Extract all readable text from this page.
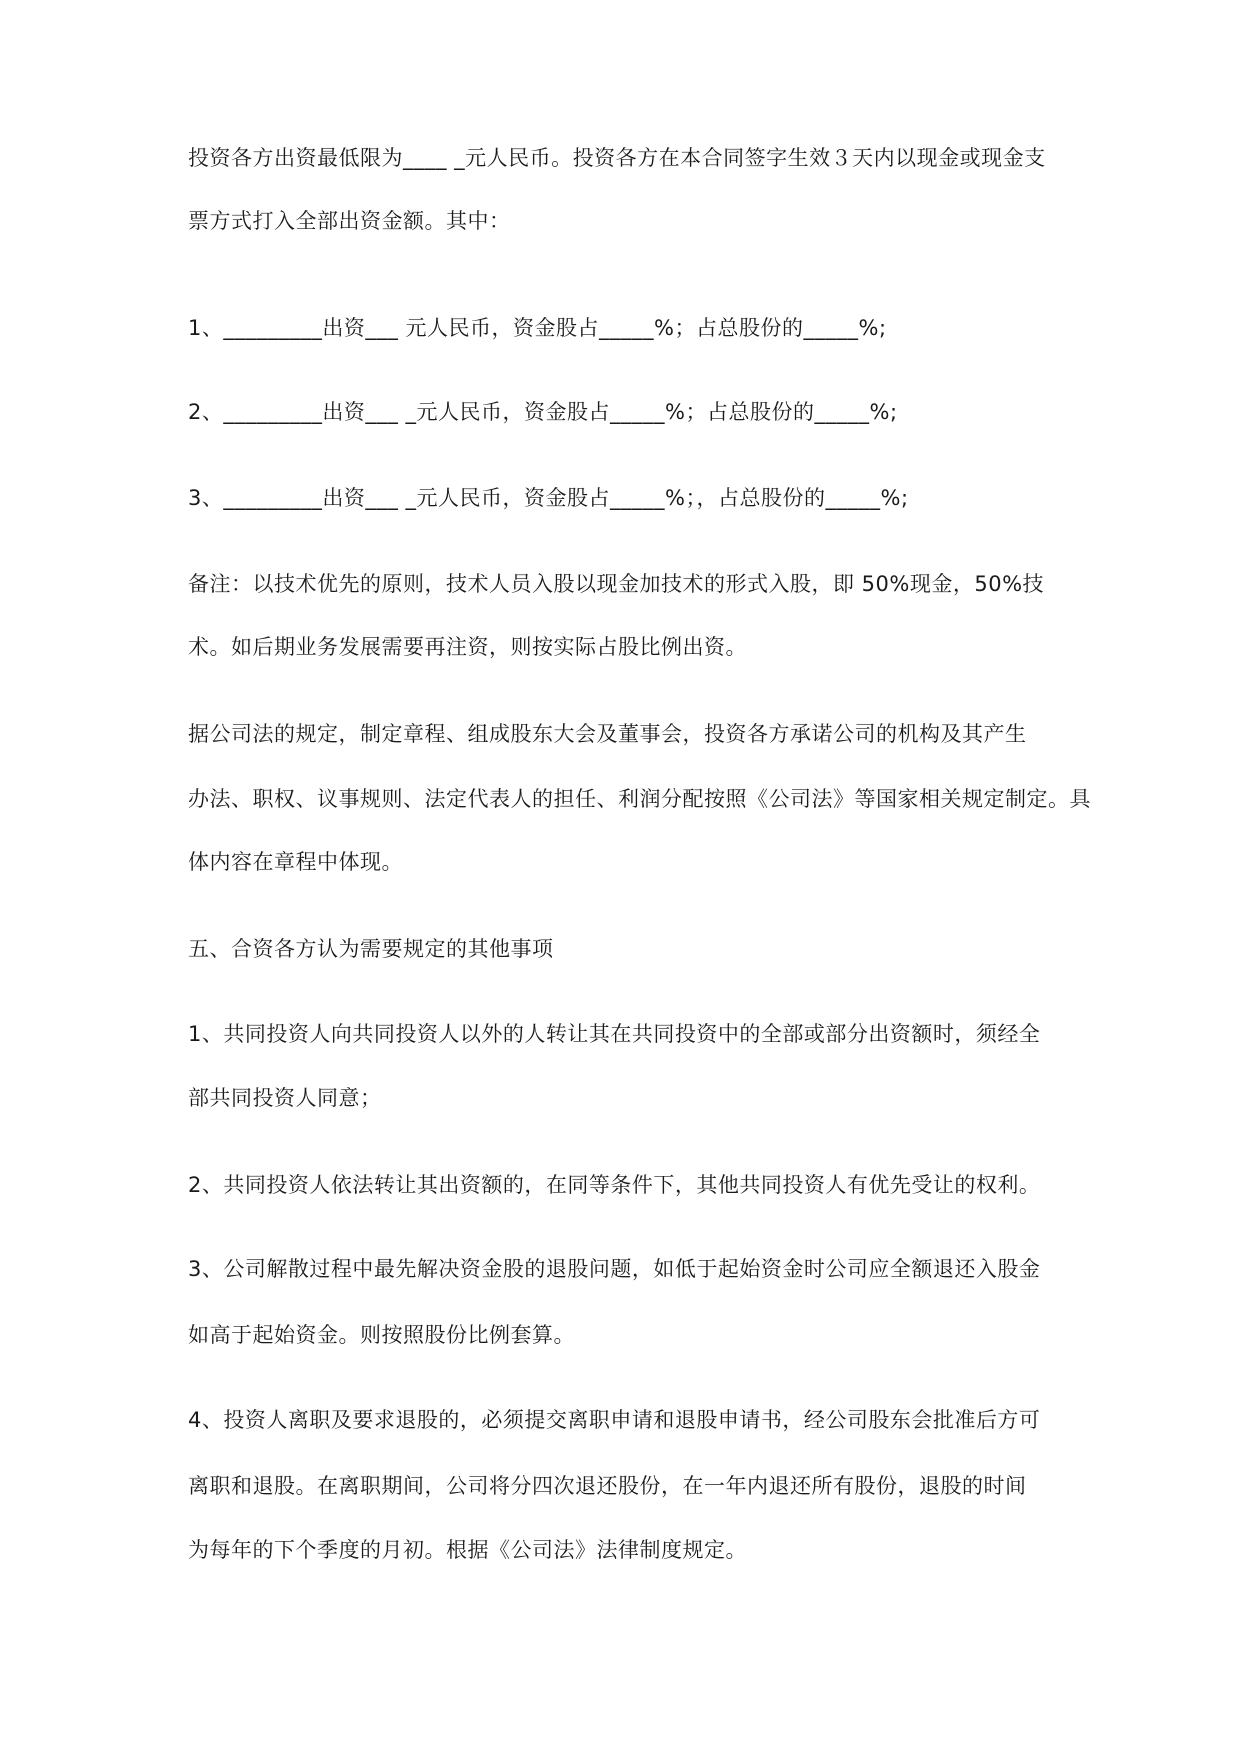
投资各方出资最低限为____ _元人民币。投资各方在本合同签字生效３天内以现金或现金支
票方式打入全部出资金额。其中：
1、_________出资___ 元人民币，资金股占_____%；占总股份的_____%;
2、_________出资___ _元人民币，资金股占_____%；占总股份的_____%;
3、_________出资___ _元人民币，资金股占_____%；，占总股份的_____%;
备注：以技术优先的原则，技术人员入股以现金加技术的形式入股，即 50%现金，50%技
术。如后期业务发展需要再注资，则按实际占股比例出资。
据公司法的规定，制定章程、组成股东大会及董事会，投资各方承诺公司的机构及其产生
办法、职权、议事规则、法定代表人的担任、利润分配按照《公司法》等国家相关规定制定。具
体内容在章程中体现。
五、合资各方认为需要规定的其他事项
1、共同投资人向共同投资人以外的人转让其在共同投资中的全部或部分出资额时，须经全
部共同投资人同意；
2、共同投资人依法转让其出资额的，在同等条件下，其他共同投资人有优先受让的权利。
3、公司解散过程中最先解决资金股的退股问题，如低于起始资金时公司应全额退还入股金
如高于起始资金。则按照股份比例套算。
4、投资人离职及要求退股的，必须提交离职申请和退股申请书，经公司股东会批准后方可
离职和退股。在离职期间，公司将分四次退还股份，在一年内退还所有股份，退股的时间
为每年的下个季度的月初。根据《公司法》法律制度规定。
